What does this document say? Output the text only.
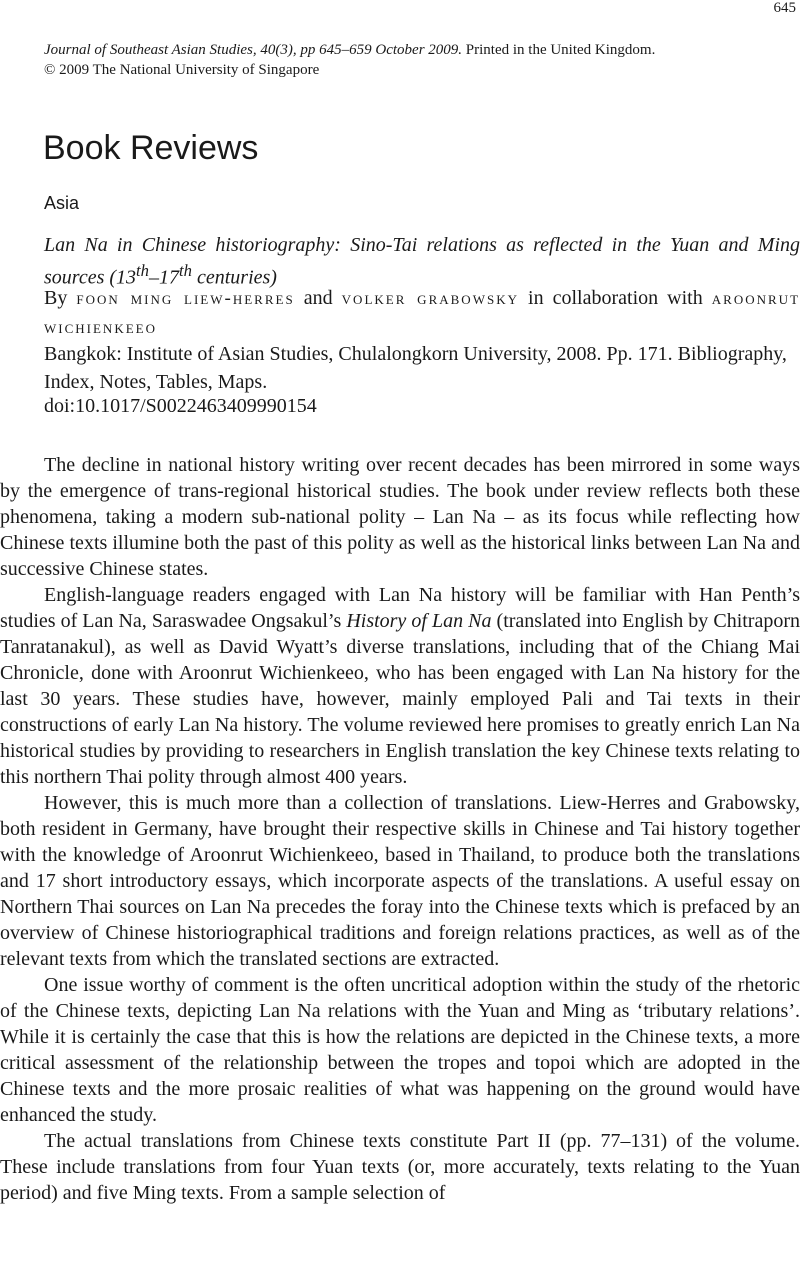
645
Journal of Southeast Asian Studies, 40(3), pp 645–659 October 2009. Printed in the United Kingdom.
© 2009 The National University of Singapore
Book Reviews
Asia
Lan Na in Chinese historiography: Sino-Tai relations as reflected in the Yuan and Ming sources (13th–17th centuries)
By foon ming liew-herres and volker grabowsky in collaboration with aroonrut wichienkeeo
Bangkok: Institute of Asian Studies, Chulalongkorn University, 2008. Pp. 171. Bibliography, Index, Notes, Tables, Maps.
doi:10.1017/S0022463409990154

The decline in national history writing over recent decades has been mirrored in some ways by the emergence of trans-regional historical studies. The book under review reflects both these phenomena, taking a modern sub-national polity – Lan Na – as its focus while reflecting how Chinese texts illumine both the past of this polity as well as the historical links between Lan Na and successive Chinese states.

English-language readers engaged with Lan Na history will be familiar with Han Penth’s studies of Lan Na, Saraswadee Ongsakul’s History of Lan Na (translated into English by Chitraporn Tanratanakul), as well as David Wyatt’s diverse translations, including that of the Chiang Mai Chronicle, done with Aroonrut Wichienkeeo, who has been engaged with Lan Na history for the last 30 years. These studies have, however, mainly employed Pali and Tai texts in their constructions of early Lan Na history. The volume reviewed here promises to greatly enrich Lan Na historical studies by providing to researchers in English translation the key Chinese texts relating to this northern Thai polity through almost 400 years.

However, this is much more than a collection of translations. Liew-Herres and Grabowsky, both resident in Germany, have brought their respective skills in Chinese and Tai history together with the knowledge of Aroonrut Wichienkeeo, based in Thailand, to produce both the translations and 17 short introductory essays, which incorporate aspects of the translations. A useful essay on Northern Thai sources on Lan Na precedes the foray into the Chinese texts which is prefaced by an overview of Chinese historiographical traditions and foreign relations practices, as well as of the relevant texts from which the translated sections are extracted.

One issue worthy of comment is the often uncritical adoption within the study of the rhetoric of the Chinese texts, depicting Lan Na relations with the Yuan and Ming as ‘tributary relations’. While it is certainly the case that this is how the relations are depicted in the Chinese texts, a more critical assessment of the relationship between the tropes and topoi which are adopted in the Chinese texts and the more prosaic realities of what was happening on the ground would have enhanced the study.

The actual translations from Chinese texts constitute Part II (pp. 77–131) of the volume. These include translations from four Yuan texts (or, more accurately, texts relating to the Yuan period) and five Ming texts. From a sample selection of
